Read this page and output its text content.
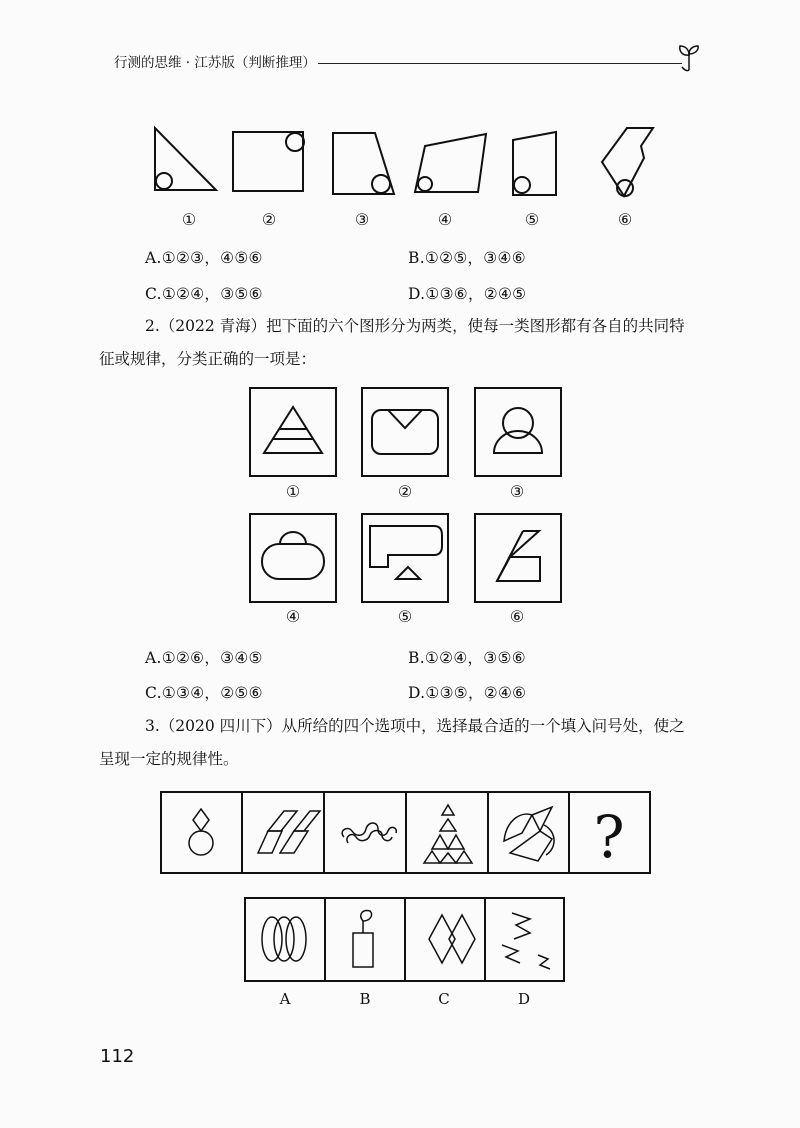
行测的思维 · 江苏版（判断推理）
①	②	③	④	⑤	⑥
A.①②③，④⑤⑥	B.①②⑤，③④⑥
C.①②④，③⑤⑥	D.①③⑥，②④⑤
2.（2022 青海）把下面的六个图形分为两类，使每一类图形都有各自的共同特
征或规律，分类正确的一项是：
①	②	③
④	⑤	⑥
A.①②⑥，③④⑤	B.①②④，③⑤⑥
C.①③④，②⑤⑥	D.①③⑤，②④⑥
3.（2020 四川下）从所给的四个选项中，选择最合适的一个填入问号处，使之
呈现一定的规律性。
?
A	B	C	D
112
